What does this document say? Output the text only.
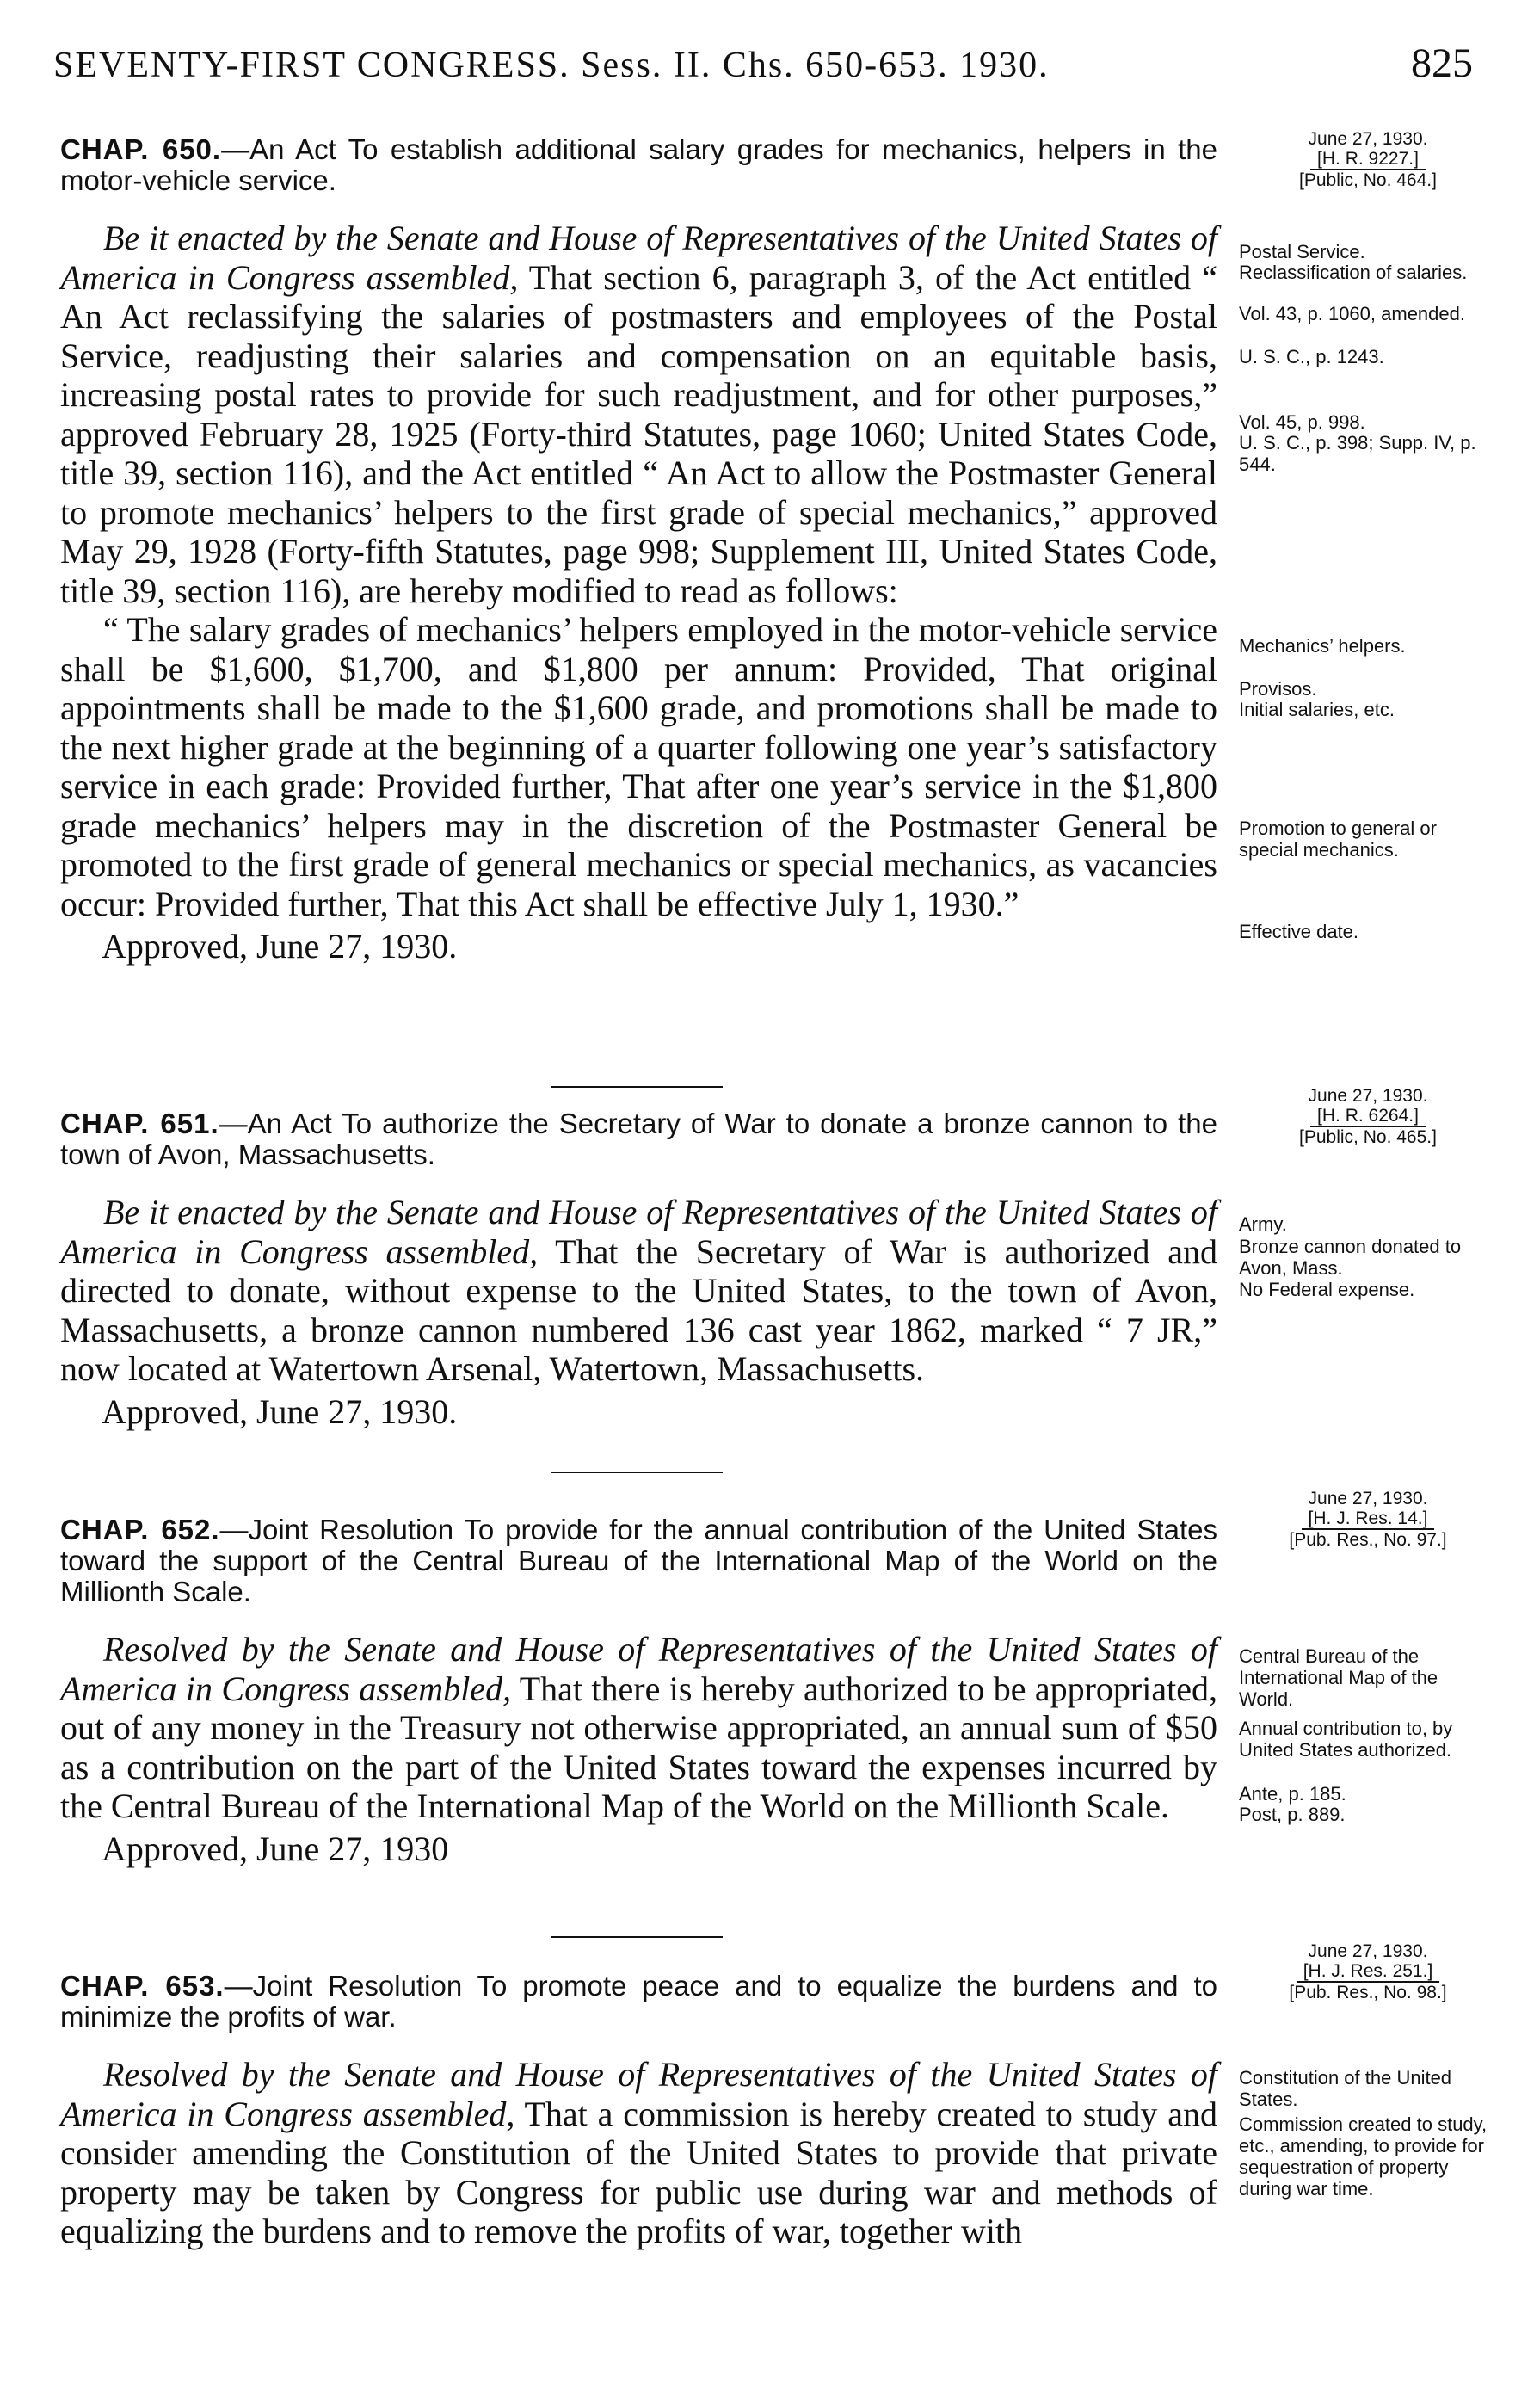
SEVENTY-FIRST CONGRESS. Sess. II. Chs. 650-653. 1930.	825
June 27, 1930.
[H. R. 9227.]
[Public, No. 464.]

CHAP. 650.—An Act To establish additional salary grades for mechanics, helpers in the motor-vehicle service.

Be it enacted by the Senate and House of Representatives of the United States of America in Congress assembled, That section 6, paragraph 3, of the Act entitled “ An Act reclassifying the salaries of postmasters and employees of the Postal Service, readjusting their salaries and compensation on an equitable basis, increasing postal rates to provide for such readjustment, and for other purposes,” approved February 28, 1925 (Forty-third Statutes, page 1060; United States Code, title 39, section 116), and the Act entitled “ An Act to allow the Postmaster General to promote mechanics’ helpers to the first grade of special mechanics,” approved May 29, 1928 (Forty-fifth Statutes, page 998; Supplement III, United States Code, title 39, section 116), are hereby modified to read as follows:

“ The salary grades of mechanics’ helpers employed in the motor-vehicle service shall be $1,600, $1,700, and $1,800 per annum: Provided, That original appointments shall be made to the $1,600 grade, and promotions shall be made to the next higher grade at the beginning of a quarter following one year’s satisfactory service in each grade: Provided further, That after one year’s service in the $1,800 grade mechanics’ helpers may in the discretion of the Postmaster General be promoted to the first grade of general mechanics or special mechanics, as vacancies occur: Provided further, That this Act shall be effective July 1, 1930.”

Approved, June 27, 1930.

Postal Service.
Reclassification of salaries.
Vol. 43, p. 1060, amended.
U. S. C., p. 1243.
Vol. 45, p. 998.
U. S. C., p. 398; Supp. IV, p. 544.
Mechanics’ helpers.
Provisos.
Initial salaries, etc.
Promotion to general or special mechanics.
Effective date.
June 27, 1930.
[H. R. 6264.]
[Public, No. 465.]

CHAP. 651.—An Act To authorize the Secretary of War to donate a bronze cannon to the town of Avon, Massachusetts.

Be it enacted by the Senate and House of Representatives of the United States of America in Congress assembled, That the Secretary of War is authorized and directed to donate, without expense to the United States, to the town of Avon, Massachusetts, a bronze cannon numbered 136 cast year 1862, marked “ 7 JR,” now located at Watertown Arsenal, Watertown, Massachusetts.

Approved, June 27, 1930.

Army.
Bronze cannon donated to Avon, Mass.
No Federal expense.
June 27, 1930.
[H. J. Res. 14.]
[Pub. Res., No. 97.]

CHAP. 652.—Joint Resolution To provide for the annual contribution of the United States toward the support of the Central Bureau of the International Map of the World on the Millionth Scale.

Resolved by the Senate and House of Representatives of the United States of America in Congress assembled, That there is hereby authorized to be appropriated, out of any money in the Treasury not otherwise appropriated, an annual sum of $50 as a contribution on the part of the United States toward the expenses incurred by the Central Bureau of the International Map of the World on the Millionth Scale.

Approved, June 27, 1930

Central Bureau of the International Map of the World.
Annual contribution to, by United States authorized.
Ante, p. 185.
Post, p. 889.
June 27, 1930.
[H. J. Res. 251.]
[Pub. Res., No. 98.]

CHAP. 653.—Joint Resolution To promote peace and to equalize the burdens and to minimize the profits of war.

Resolved by the Senate and House of Representatives of the United States of America in Congress assembled, That a commission is hereby created to study and consider amending the Constitution of the United States to provide that private property may be taken by Congress for public use during war and methods of equalizing the burdens and to remove the profits of war, together with

Constitution of the United States.
Commission created to study, etc., amending, to provide for sequestration of property during war time.
